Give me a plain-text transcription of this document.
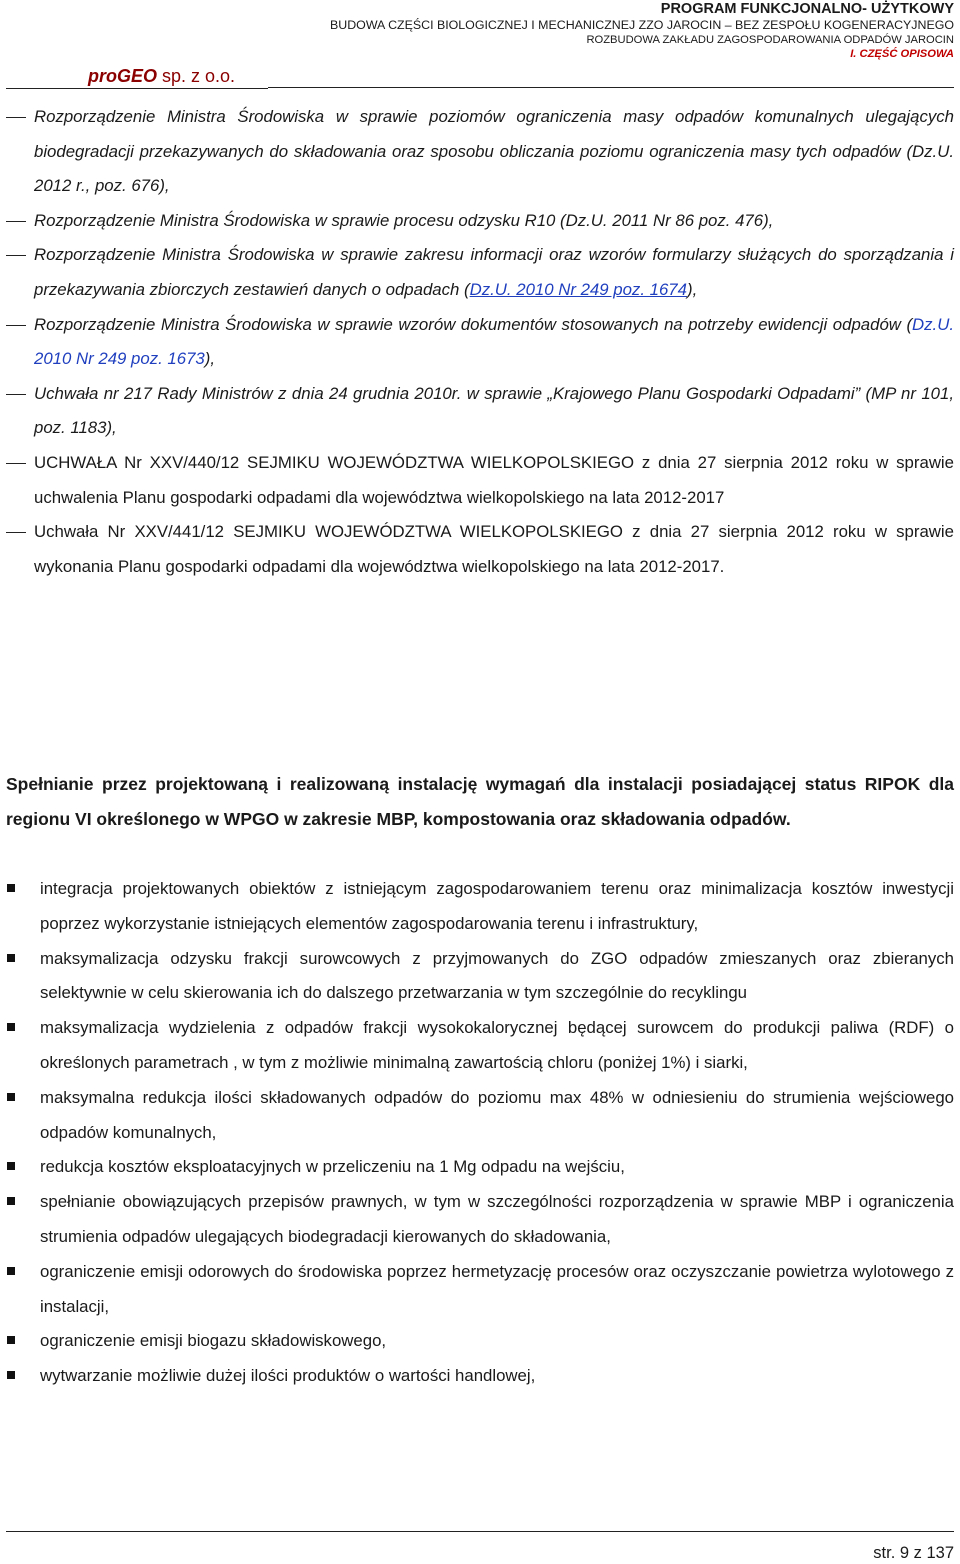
PROGRAM FUNKCJONALNO- UŻYTKOWY
BUDOWA CZĘŚCI BIOLOGICZNEJ I MECHANICZNEJ ZZO JAROCIN – BEZ ZESPOŁU KOGENERACYJNEGO
ROZBUDOWA ZAKŁADU ZAGOSPODAROWANIA ODPADÓW JAROCIN
I. CZĘŚĆ OPISOWA
proGEO sp. z o.o.
Rozporządzenie Ministra Środowiska w sprawie poziomów ograniczenia masy odpadów komunalnych ulegających biodegradacji przekazywanych do składowania oraz sposobu obliczania poziomu ograniczenia masy tych odpadów (Dz.U. 2012 r., poz. 676),
Rozporządzenie Ministra Środowiska w sprawie procesu odzysku R10 (Dz.U. 2011 Nr 86 poz. 476),
Rozporządzenie Ministra Środowiska w sprawie zakresu informacji oraz wzorów formularzy służących do sporządzania i przekazywania zbiorczych zestawień danych o odpadach (Dz.U. 2010 Nr 249 poz. 1674),
Rozporządzenie Ministra Środowiska w sprawie wzorów dokumentów stosowanych na potrzeby ewidencji odpadów (Dz.U. 2010 Nr 249 poz. 1673),
Uchwała nr 217 Rady Ministrów z dnia 24 grudnia 2010r. w sprawie „Krajowego Planu Gospodarki Odpadami” (MP nr 101, poz. 1183),
UCHWAŁA Nr XXV/440/12 SEJMIKU WOJEWÓDZTWA WIELKOPOLSKIEGO z dnia 27 sierpnia 2012 roku w sprawie uchwalenia Planu gospodarki odpadami dla województwa wielkopolskiego na lata 2012-2017
Uchwała Nr XXV/441/12 SEJMIKU WOJEWÓDZTWA WIELKOPOLSKIEGO z dnia 27 sierpnia 2012 roku w sprawie wykonania Planu gospodarki odpadami dla województwa wielkopolskiego na lata 2012-2017.
Spełnianie przez projektowaną i realizowaną instalację wymagań dla instalacji posiadającej status RIPOK dla regionu VI określonego w WPGO w zakresie MBP, kompostowania oraz składowania odpadów.
integracja projektowanych obiektów z istniejącym zagospodarowaniem terenu oraz minimalizacja kosztów inwestycji poprzez wykorzystanie istniejących elementów zagospodarowania terenu i infrastruktury,
maksymalizacja odzysku frakcji surowcowych z przyjmowanych do ZGO odpadów zmieszanych oraz zbieranych selektywnie w celu skierowania ich do dalszego przetwarzania w tym szczególnie do recyklingu
maksymalizacja wydzielenia z odpadów frakcji wysokokalorycznej będącej surowcem do produkcji paliwa (RDF) o określonych parametrach , w tym z możliwie minimalną zawartością chloru (poniżej 1%) i siarki,
maksymalna redukcja ilości składowanych odpadów do poziomu max 48% w odniesieniu do strumienia wejściowego odpadów komunalnych,
redukcja kosztów eksploatacyjnych w przeliczeniu na 1 Mg odpadu na wejściu,
spełnianie obowiązujących przepisów prawnych, w tym w szczególności rozporządzenia w sprawie MBP i ograniczenia strumienia odpadów ulegających biodegradacji kierowanych do składowania,
ograniczenie emisji odorowych do środowiska poprzez hermetyzację procesów oraz oczyszczanie powietrza wylotowego z instalacji,
ograniczenie emisji biogazu składowiskowego,
wytwarzanie możliwie dużej ilości produktów o wartości handlowej,
str. 9 z 137
